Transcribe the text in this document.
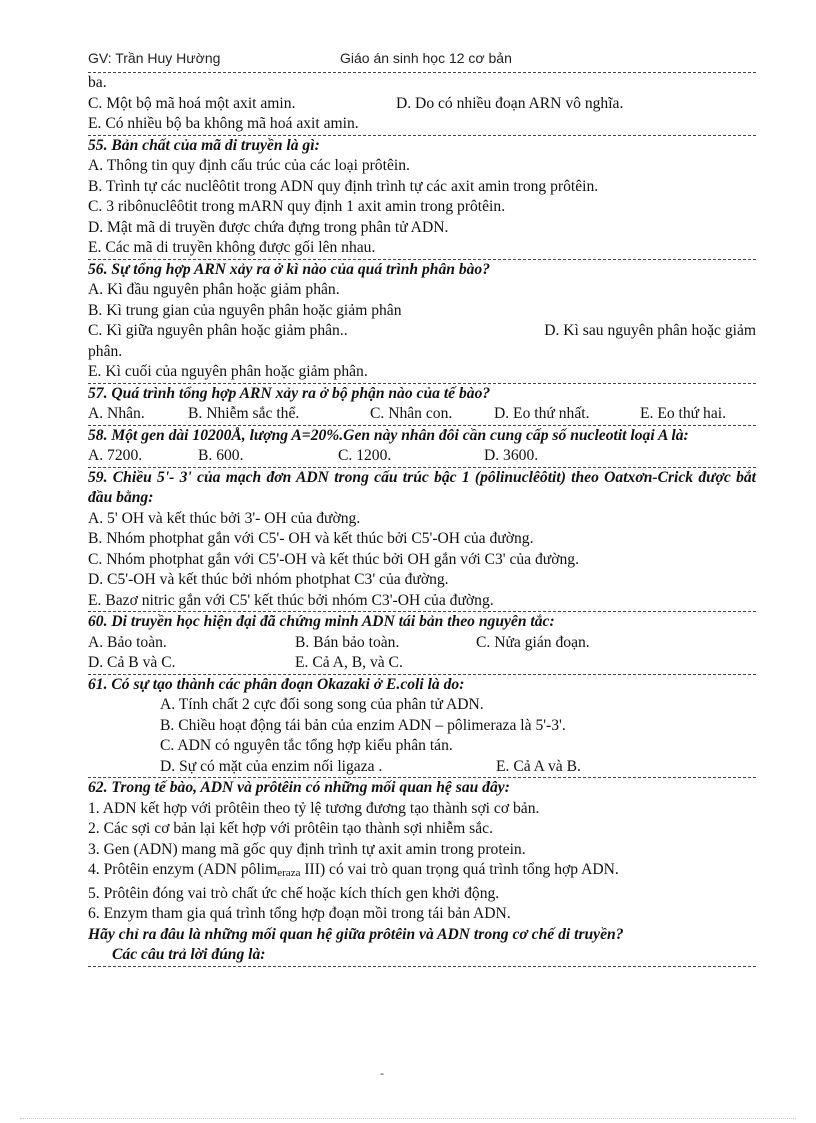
GV: Trần Huy Hường	Giáo án sinh học 12 cơ bản
ba.
C. Một bộ mã hoá một axit amin.	D. Do có nhiều đoạn ARN vô nghĩa.
E. Có nhiều bộ ba không mã hoá axit amin.
55. Bản chất của mã di truyền là gì:
A. Thông tin quy định cấu trúc của các loại prôtêin.
B. Trình tự các nuclêôtit trong ADN quy định trình tự các axit amin trong prôtêin.
C. 3 ribônuclêôtit trong mARN quy định 1 axit amin trong prôtêin.
D. Mật mã di truyền được chứa đựng trong phân tử ADN.
E. Các mã di truyền không được gối lên nhau.
56. Sự tổng hợp ARN xảy ra ở kì nào của quá trình phân bào?
A. Kì đầu nguyên phân hoặc giảm phân.
B. Kì trung gian của nguyên phân hoặc giảm phân
C. Kì giữa nguyên phân hoặc giảm phân..	D. Kì sau nguyên phân hoặc giảm
phân.
E. Kì cuối của nguyên phân hoặc giảm phân.
57. Quá trình tổng hợp ARN xảy ra ở bộ phận nào của tế bào?
A. Nhân.	B. Nhiễm sắc thể.	C. Nhân con.	D. Eo thứ nhất.	E. Eo thứ hai.
58. Một gen dài 10200Å, lượng A=20%.Gen này nhân đôi cần cung cấp số nucleotit loại A là:
A. 7200.	B. 600.	C. 1200.	D. 3600.
59. Chiều 5'- 3' của mạch đơn ADN trong cấu trúc bậc 1 (pôlinuclêôtit) theo Oatxơn-Crick được bắt đầu bằng:
A. 5' OH và kết thúc bởi 3'- OH của đường.
B. Nhóm photphat gắn với C5'- OH và kết thúc bởi C5'-OH của đường.
C. Nhóm photphat gắn với C5'-OH và kết thúc bởi OH gắn với C3' của đường.
D. C5'-OH và kết thúc bởi nhóm photphat C3' của đường.
E. Bazơ nitric gắn với C5' kết thúc bởi nhóm C3'-OH của đường.
60. Di truyền học hiện đại đã chứng minh ADN tái bản theo nguyên tắc:
A. Bảo toàn.	B. Bán bảo toàn.	C. Nửa gián đoạn.
D. Cả B và C.	E. Cả A, B, và C.
61. Có sự tạo thành các phân đoạn Okazaki ở E.coli là do:
A. Tính chất 2 cực đối song song của phân tử ADN.
B. Chiều hoạt động tái bản của enzim ADN – pôlimeraza là 5'-3'.
C. ADN có nguyên tắc tổng hợp kiểu phân tán.
D. Sự có mặt của enzim nối ligaza .	E. Cả A và B.
62. Trong tế bào, ADN và prôtêin có những mối quan hệ sau đây:
1. ADN kết hợp với prôtêin theo tỷ lệ tương đương tạo thành sợi cơ bản.
2. Các sợi cơ bản lại kết hợp với prôtêin tạo thành sợi nhiễm sắc.
3. Gen (ADN) mang mã gốc quy định trình tự axit amin trong protein.
4. Prôtêin enzym (ADN pôlimeraza III) có vai trò quan trọng quá trình tổng hợp ADN.
5. Prôtêin đóng vai trò chất ức chế hoặc kích thích gen khởi động.
6. Enzym tham gia quá trình tổng hợp đoạn mồi trong tái bản ADN.
Hãy chỉ ra đâu là những mối quan hệ giữa prôtêin và ADN trong cơ chế di truyền?
Các câu trả lời đúng là:
-
